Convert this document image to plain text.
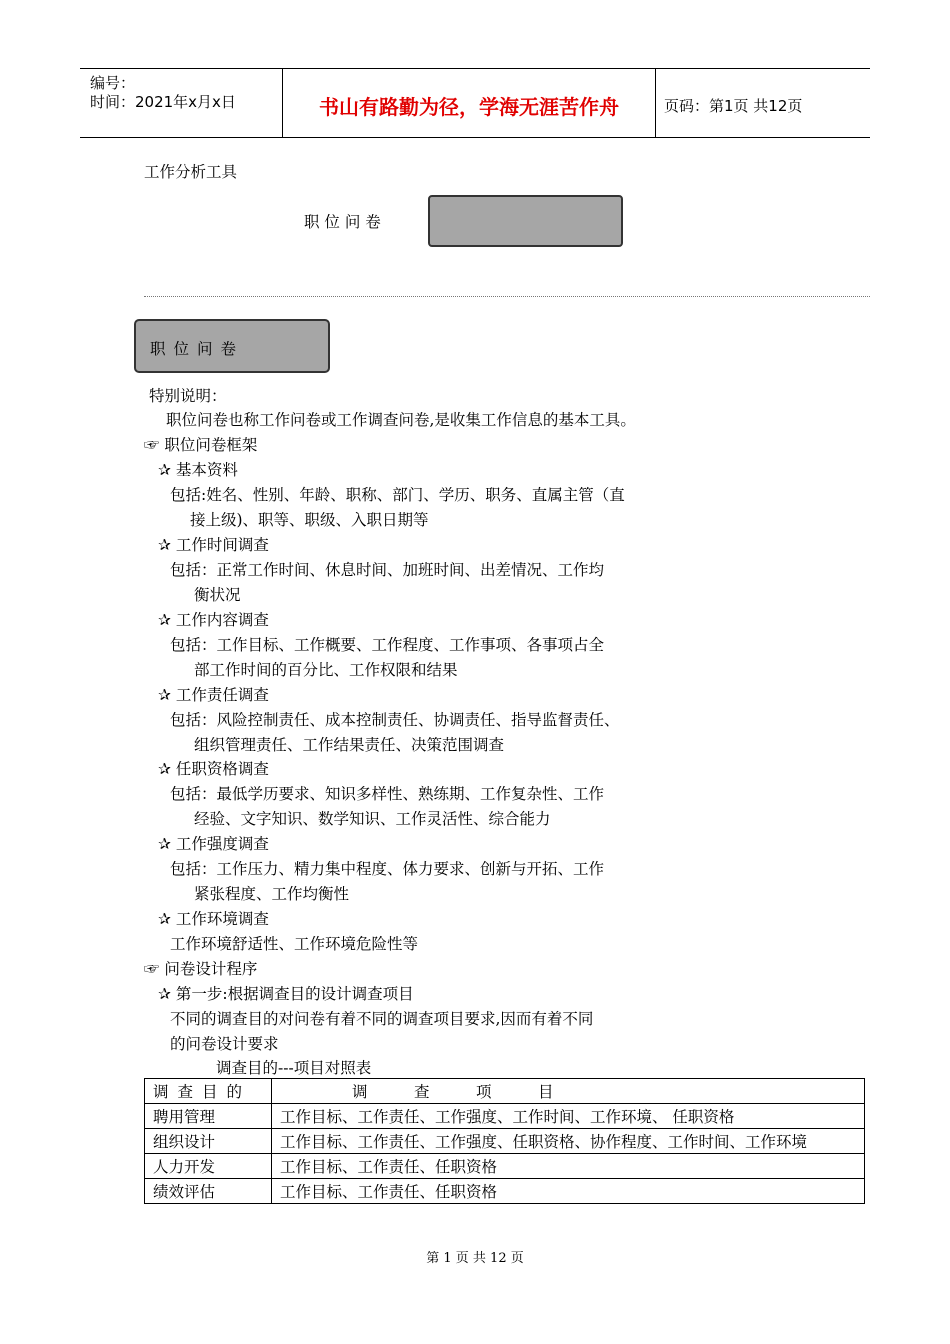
编号：
时间：2021年x月x日	书山有路勤为径，学海无涯苦作舟	页码：第1页 共12页
工作分析工具
职 位 问 卷
职位问卷
特别说明：
职位问卷也称工作问卷或工作调查问卷,是收集工作信息的基本工具。
☞ 职位问卷框架
✰ 基本资料
包括:姓名、性别、年龄、职称、部门、学历、职务、直属主管（直
接上级)、职等、职级、入职日期等
✰ 工作时间调查
包括：正常工作时间、休息时间、加班时间、出差情况、工作均
衡状况
✰ 工作内容调查
包括：工作目标、工作概要、工作程度、工作事项、各事项占全
部工作时间的百分比、工作权限和结果
✰ 工作责任调查
包括：风险控制责任、成本控制责任、协调责任、指导监督责任、
组织管理责任、工作结果责任、决策范围调查
✰ 任职资格调查
包括：最低学历要求、知识多样性、熟练期、工作复杂性、工作
经验、文字知识、数学知识、工作灵活性、综合能力
✰ 工作强度调查
包括：工作压力、精力集中程度、体力要求、创新与开拓、工作
紧张程度、工作均衡性
✰ 工作环境调查
工作环境舒适性、工作环境危险性等
☞ 问卷设计程序
✰ 第一步:根据调查目的设计调查项目
不同的调查目的对问卷有着不同的调查项目要求,因而有着不同
的问卷设计要求
调查目的---项目对照表
调查目的	调　　　查　　　项　　　目
聘用管理	工作目标、工作责任、工作强度、工作时间、工作环境、 任职资格
组织设计	工作目标、工作责任、工作强度、任职资格、协作程度、工作时间、工作环境
人力开发	工作目标、工作责任、任职资格
绩效评估	工作目标、工作责任、任职资格
第 1 页 共 12 页
